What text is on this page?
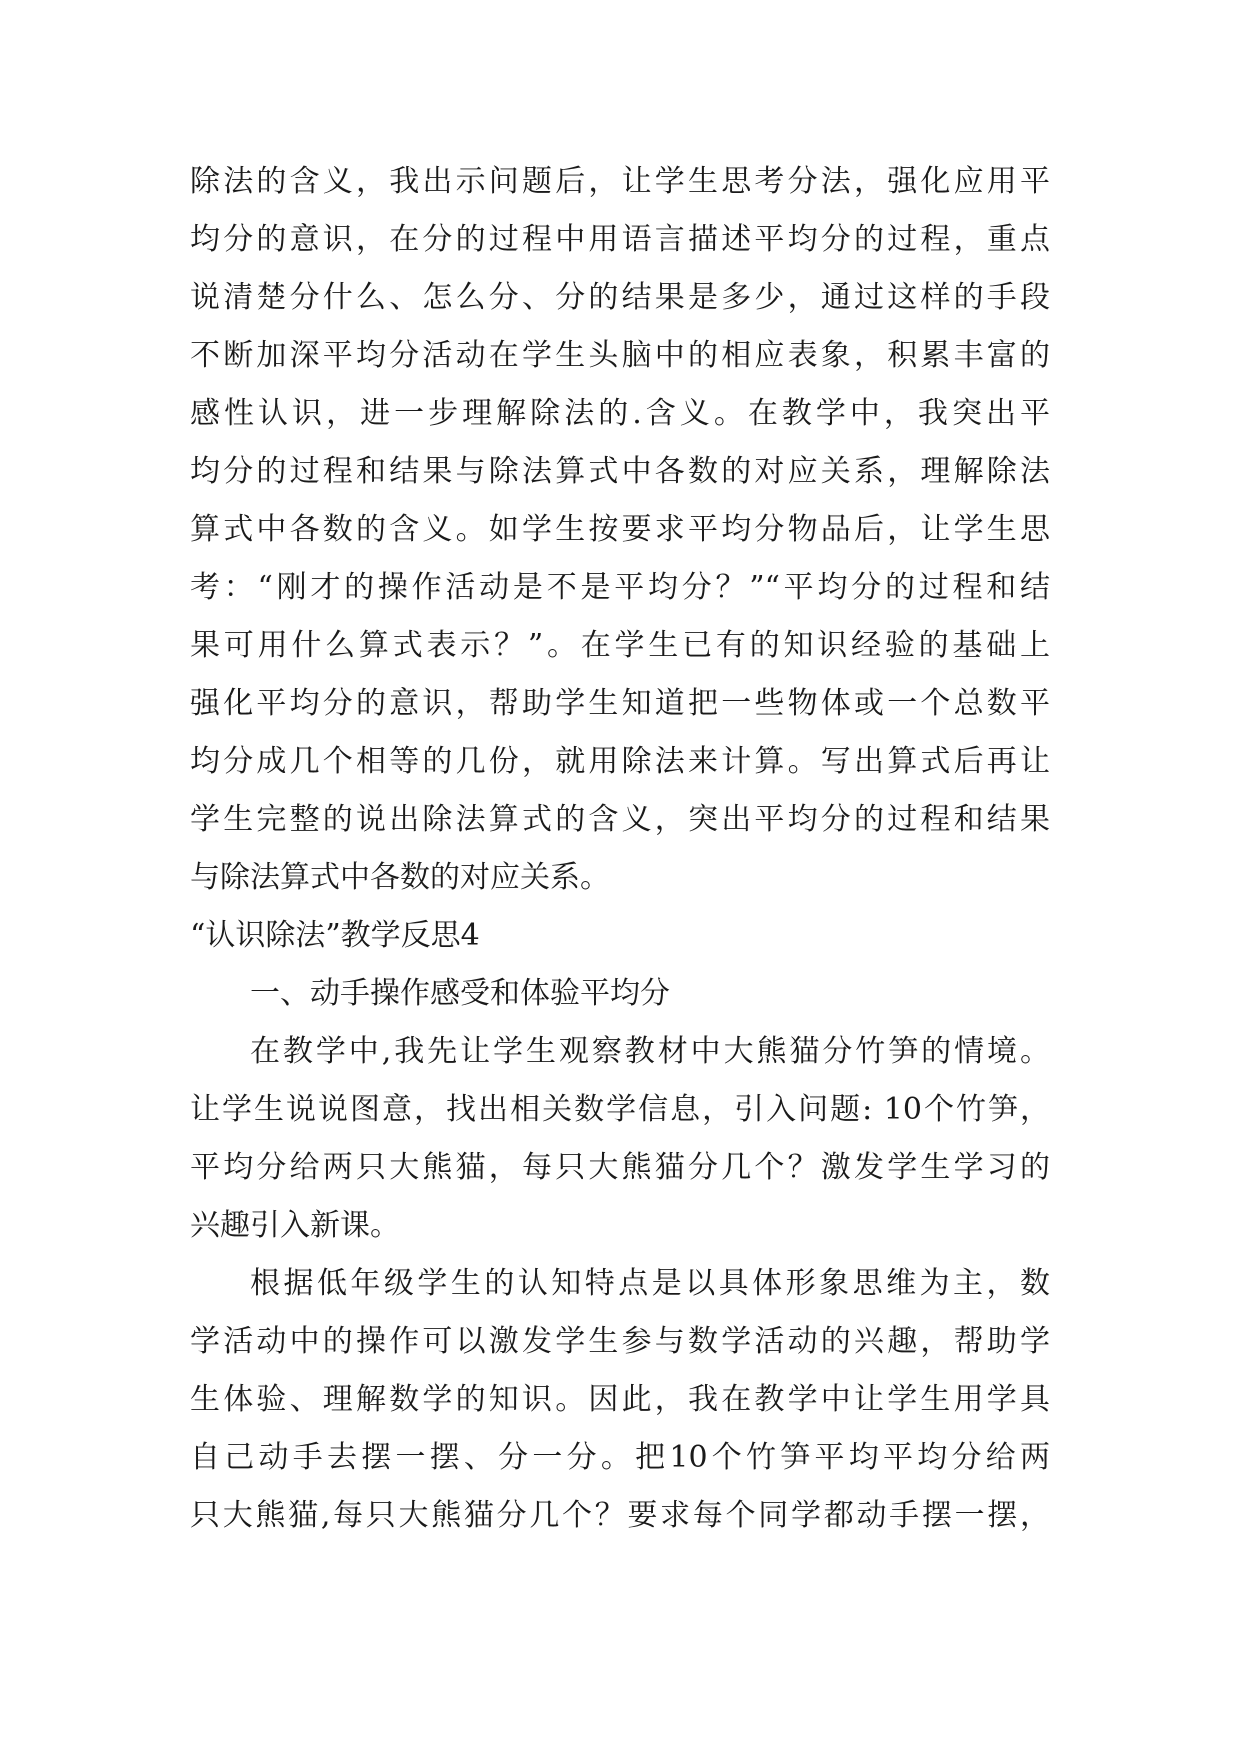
除法的含义，我出示问题后，让学生思考分法，强化应用平
均分的意识，在分的过程中用语言描述平均分的过程，重点
说清楚分什么、怎么分、分的结果是多少，通过这样的手段
不断加深平均分活动在学生头脑中的相应表象，积累丰富的
感性认识，进一步理解除法的.含义。在教学中，我突出平
均分的过程和结果与除法算式中各数的对应关系，理解除法
算式中各数的含义。如学生按要求平均分物品后，让学生思
考：“刚才的操作活动是不是平均分？”“平均分的过程和结
果可用什么算式表示？”。在学生已有的知识经验的基础上
强化平均分的意识，帮助学生知道把一些物体或一个总数平
均分成几个相等的几份，就用除法来计算。写出算式后再让
学生完整的说出除法算式的含义，突出平均分的过程和结果
与除法算式中各数的对应关系。
“认识除法”教学反思4
一、动手操作感受和体验平均分
在教学中,我先让学生观察教材中大熊猫分竹笋的情境。
让学生说说图意，找出相关数学信息，引入问题: 10个竹笋，
平均分给两只大熊猫，每只大熊猫分几个？激发学生学习的
兴趣引入新课。
根据低年级学生的认知特点是以具体形象思维为主，数
学活动中的操作可以激发学生参与数学活动的兴趣，帮助学
生体验、理解数学的知识。因此，我在教学中让学生用学具
自己动手去摆一摆、分一分。把10个竹笋平均平均分给两
只大熊猫,每只大熊猫分几个？要求每个同学都动手摆一摆，
